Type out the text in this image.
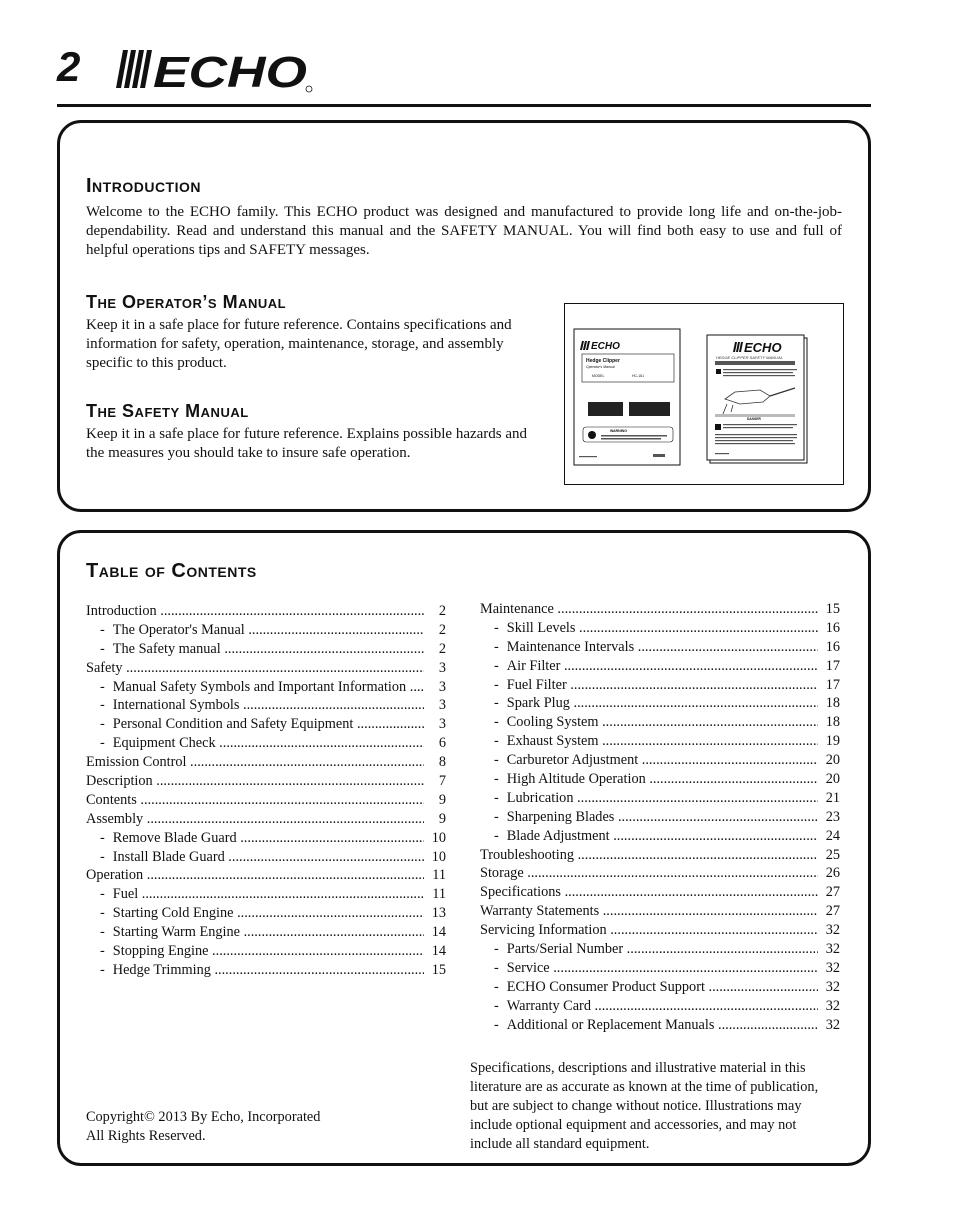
2 ECHO
Introduction

Welcome to the ECHO family. This ECHO product was designed and manufactured to provide long life and on-the-job-dependability. Read and understand this manual and the SAFETY MANUAL. You will find both easy to use and full of helpful operations tips and SAFETY messages.

The Operator’s Manual

Keep it in a safe place for future reference. Contains specifications and information for safety, operation, maintenance, storage, and assembly specific to this product.

The Safety Manual

Keep it in a safe place for future reference. Explains possible hazards and the measures you should take to insure safe operation.

ECHO
Hedge Clipper
Operator's Manual
MODEL	HC-161
WARNING
ECHO
HEDGE CLIPPER SAFETY MANUAL
DANGER
Table of Contents
Introduction .....	2
- The Operator's Manual .....	2
- The Safety manual .....	2
Safety .....	3
- Manual Safety Symbols and Important Information .....	3
- International Symbols .....	3
- Personal Condition and Safety Equipment .....	3
- Equipment Check .....	6
Emission Control .....	8
Description .....	7
Contents .....	9
Assembly .....	9
- Remove Blade Guard .....	10
- Install Blade Guard .....	10
Operation .....	11
- Fuel .....	11
- Starting Cold Engine .....	13
- Starting Warm Engine .....	14
- Stopping Engine .....	14
- Hedge Trimming .....	15
Maintenance .....	15
- Skill Levels .....	16
- Maintenance Intervals .....	16
- Air Filter .....	17
- Fuel Filter .....	17
- Spark Plug .....	18
- Cooling System .....	18
- Exhaust System .....	19
- Carburetor Adjustment .....	20
- High Altitude Operation .....	20
- Lubrication .....	21
- Sharpening Blades .....	23
- Blade Adjustment .....	24
Troubleshooting .....	25
Storage .....	26
Specifications .....	27
Warranty Statements .....	27
Servicing Information .....	32
- Parts/Serial Number .....	32
- Service .....	32
- ECHO Consumer Product Support .....	32
- Warranty Card .....	32
- Additional or Replacement Manuals .....	32
Copyright© 2013 By Echo, Incorporated
All Rights Reserved.

Specifications, descriptions and illustrative material in this literature are as accurate as known at the time of publication, but are subject to change without notice. Illustrations may include optional equipment and accessories, and may not include all standard equipment.
